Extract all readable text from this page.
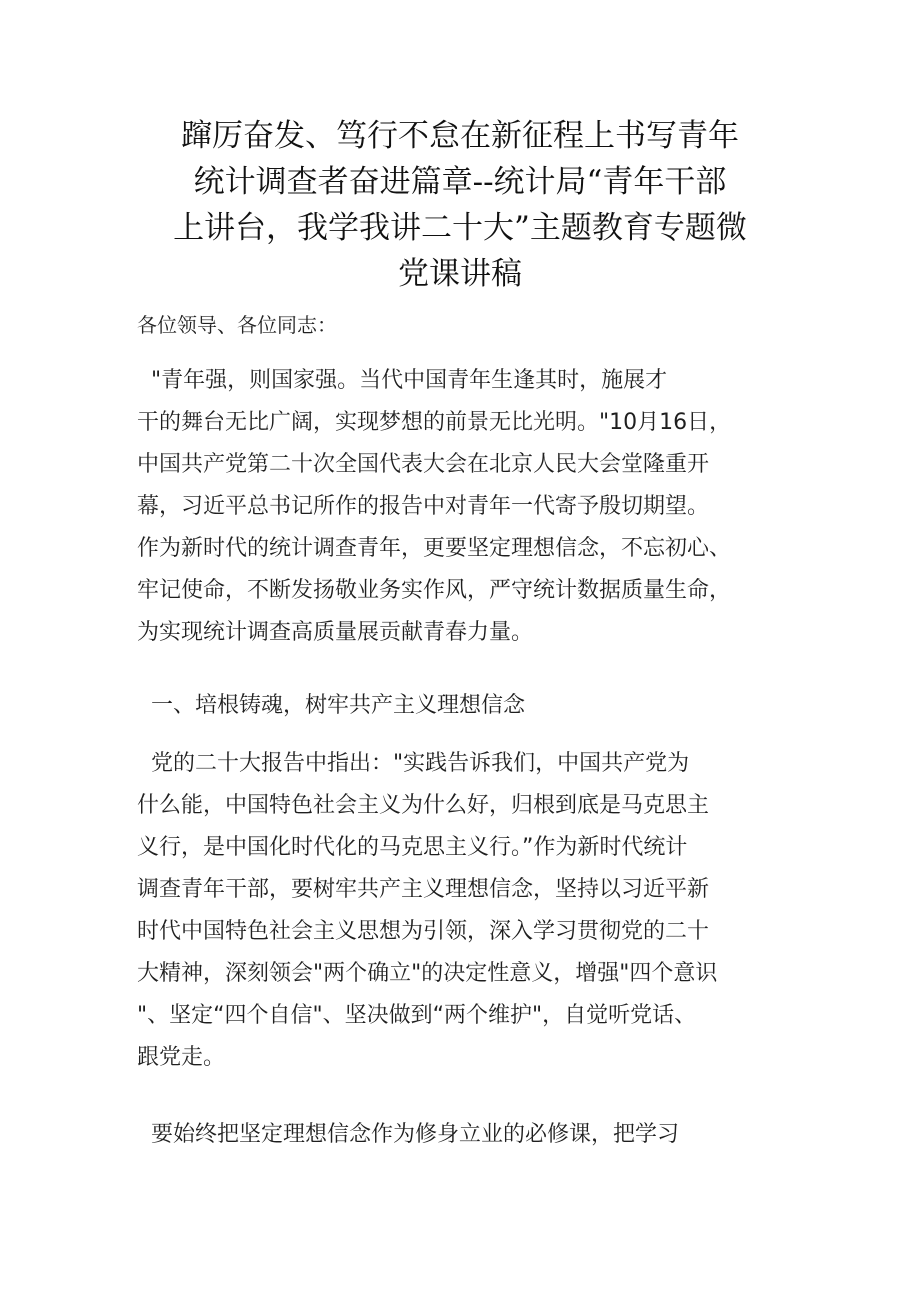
蹿厉奋发、笃行不怠在新征程上书写青年
统计调查者奋进篇章--统计局“青年干部
上讲台，我学我讲二十大”主题教育专题微
党课讲稿

各位领导、各位同志：

"青年强，则国家强。当代中国青年生逢其时，施展才
干的舞台无比广阔，实现梦想的前景无比光明。"10月16日，
中国共产党第二十次全国代表大会在北京人民大会堂隆重开
幕，习近平总书记所作的报告中对青年一代寄予殷切期望。
作为新时代的统计调查青年，更要坚定理想信念，不忘初心、
牢记使命，不断发扬敬业务实作风，严守统计数据质量生命，
为实现统计调查高质量展贡献青春力量。

一、培根铸魂，树牢共产主义理想信念

党的二十大报告中指出："实践告诉我们，中国共产党为
什么能，中国特色社会主义为什么好，归根到底是马克思主
义行，是中国化时代化的马克思主义行。”作为新时代统计
调查青年干部，要树牢共产主义理想信念，坚持以习近平新
时代中国特色社会主义思想为引领，深入学习贯彻党的二十
大精神，深刻领会"两个确立"的决定性意义，增强"四个意识
"、坚定“四个自信"、坚决做到“两个维护"，自觉听党话、
跟党走。

要始终把坚定理想信念作为修身立业的必修课，把学习
